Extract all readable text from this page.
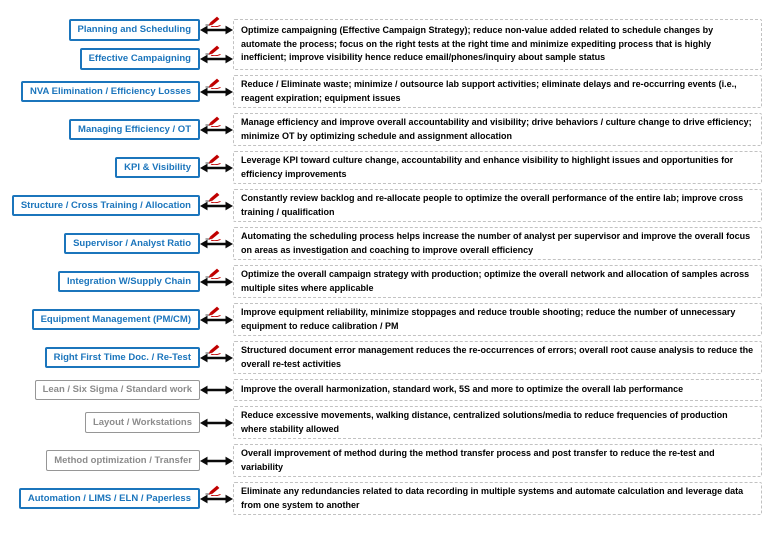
Planning and Scheduling
Effective Campaigning
Optimize campaigning (Effective Campaign Strategy); reduce non-value added related to schedule changes by automate the process; focus on the right tests at the right time and minimize expediting process that is highly inefficient; improve visibility hence reduce email/phones/inquiry about sample status
NVA Elimination / Efficiency Losses
Reduce / Eliminate waste; minimize / outsource lab support activities; eliminate delays and re-occurring events (i.e., reagent expiration; equipment issues
Managing Efficiency / OT
Manage efficiency and improve overall accountability and visibility; drive behaviors / culture change to drive efficiency; minimize OT by optimizing schedule and assignment allocation
KPI & Visibility
Leverage KPI toward culture change, accountability and enhance visibility to highlight issues and opportunities for efficiency improvements
Structure / Cross Training / Allocation
Constantly review backlog and re-allocate people to optimize the overall performance of the entire lab; improve cross training / qualification
Supervisor / Analyst Ratio
Automating the scheduling process helps increase the number of analyst per supervisor and improve the overall focus on areas as investigation and coaching to improve overall efficiency
Integration W/Supply Chain
Optimize the overall campaign strategy with production; optimize the overall network and allocation of samples across multiple sites where applicable
Equipment Management (PM/CM)
Improve equipment reliability, minimize stoppages and reduce trouble shooting; reduce the number of unnecessary equipment to reduce calibration / PM
Right First Time Doc. / Re-Test
Structured document error management reduces the re-occurrences of errors; overall root cause analysis to reduce the overall re-test activities
Lean / Six Sigma / Standard work	Improve the overall harmonization, standard work, 5S and more to optimize the overall lab performance
Layout / Workstations
Reduce excessive movements, walking distance, centralized solutions/media to reduce frequencies of production where stability allowed
Method optimization / Transfer
Overall improvement of method during the method transfer process and post transfer to reduce the re-test and variability
Automation / LIMS / ELN / Paperless
Eliminate any redundancies related to data recording in multiple systems and automate calculation and leverage data from one system to another
